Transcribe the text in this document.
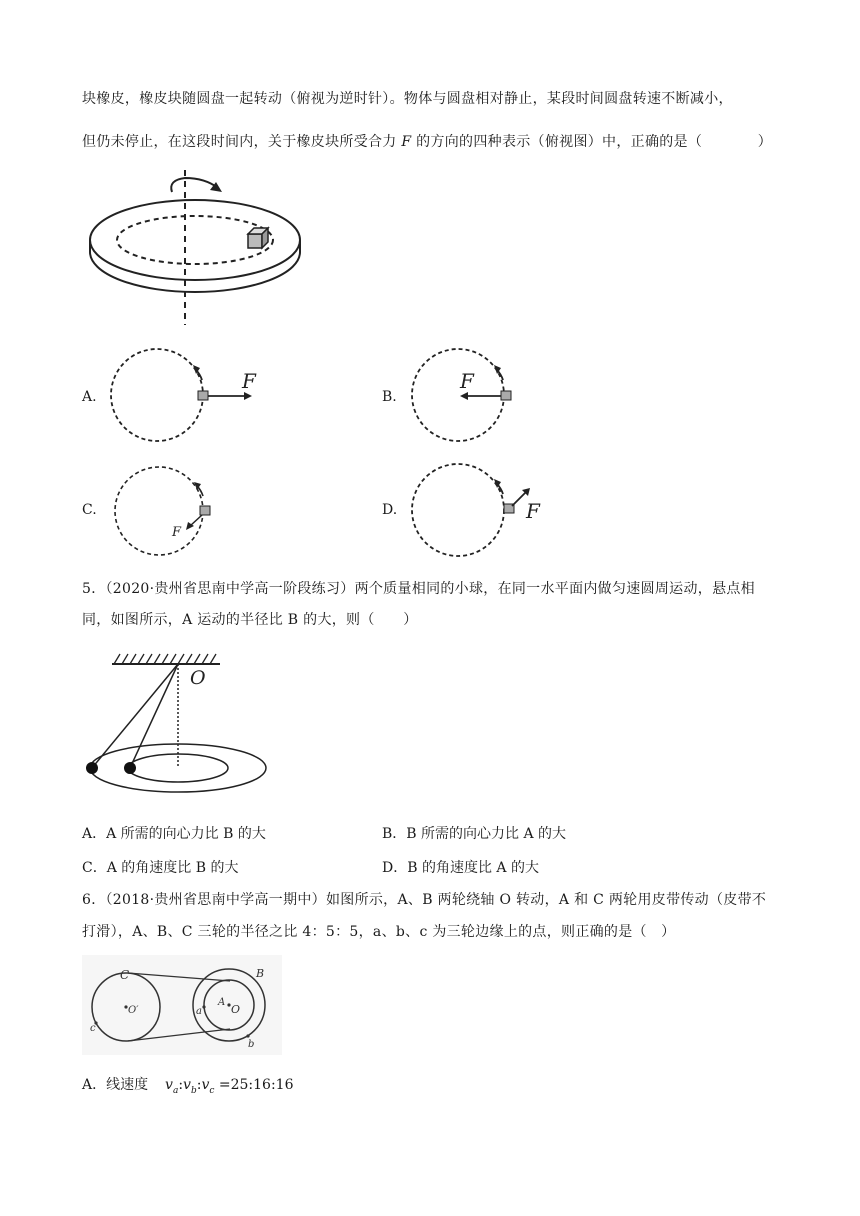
块橡皮，橡皮块随圆盘一起转动（俯视为逆时针）。物体与圆盘相对静止，某段时间圆盘转速不断减小，
但仍未停止，在这段时间内，关于橡皮块所受合力 F 的方向的四种表示（俯视图）中，正确的是（	）
A.
F
B.
F
C.
F
D.	F
5．（2020·贵州省思南中学高一阶段练习）两个质量相同的小球，在同一水平面内做匀速圆周运动，悬点相
同，如图所示，A 运动的半径比 B 的大，则（　　）
O
A．A 所需的向心力比 B 的大	B．B 所需的向心力比 A 的大
C．A 的角速度比 B 的大	D．B 的角速度比 A 的大
6．（2018·贵州省思南中学高一期中）如图所示，A、B 两轮绕轴 O 转动，A 和 C 两轮用皮带传动（皮带不
打滑），A、B、C 三轮的半径之比 4：5：5，a、b、c 为三轮边缘上的点，则正确的是（　）
C
O′
c
A
O
a
B
b
A．线速度 $v_a:v_b:v_c$ =25:16:16
